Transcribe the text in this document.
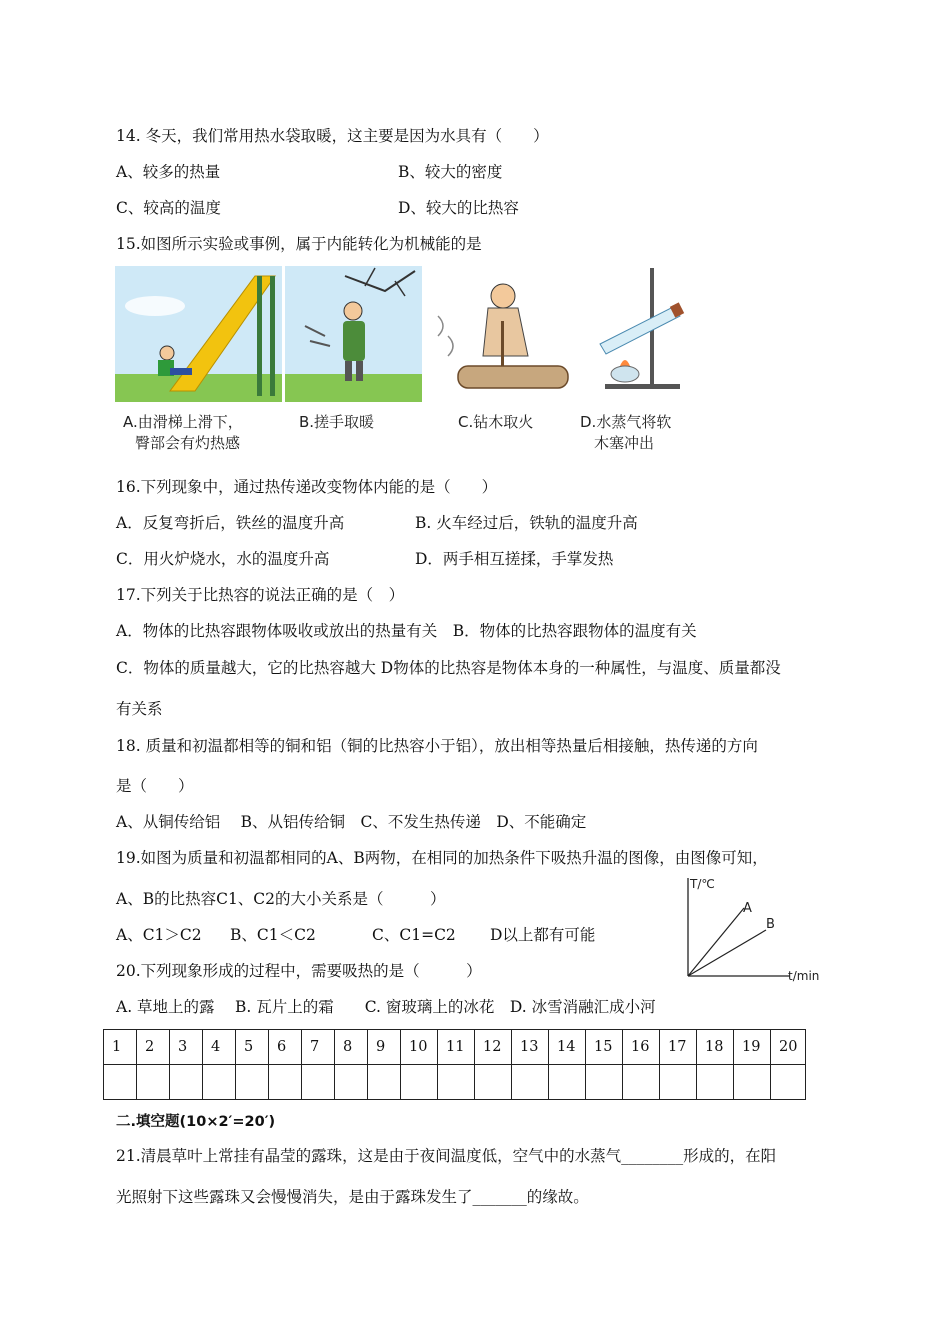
14. 冬天，我们常用热水袋取暖，这主要是因为水具有（　　）
A、较多的热量	B、较大的密度
C、较高的温度	D、较大的比热容
15.如图所示实验或事例，属于内能转化为机械能的是
A.由滑梯上滑下，
臀部会有灼热感
B.搓手取暖	C.钻木取火	D.水蒸气将软
木塞冲出
16.下列现象中，通过热传递改变物体内能的是（　　）
A．反复弯折后，铁丝的温度升高	B. 火车经过后，铁轨的温度升高
C．用火炉烧水，水的温度升高	D．两手相互搓揉，手掌发热
17.下列关于比热容的说法正确的是（　）
A．物体的比热容跟物体吸收或放出的热量有关　B．物体的比热容跟物体的温度有关
C．物体的质量越大，它的比热容越大 D物体的比热容是物体本身的一种属性，与温度、质量都没
有关系
18. 质量和初温都相等的铜和铝（铜的比热容小于铝），放出相等热量后相接触，热传递的方向
是（　　）
A、从铜传给铝　 B、从铝传给铜　C、不发生热传递　D、不能确定
19.如图为质量和初温都相同的A、B两物，在相同的加热条件下吸热升温的图像，由图像可知，
A、B的比热容C1、C2的大小关系是（　　　）
A、C1＞C2 B、C1＜C2	C、C1=C2 D以上都有可能
T/℃
t/min
A
B
20.下列现象形成的过程中，需要吸热的是（　　　）
A. 草地上的露　 B. 瓦片上的霜　　C. 窗玻璃上的冰花　D. 冰雪消融汇成小河
1	2	3	4	5	6	7	8	9	10	11	12	13	14	15	16	17	18	19	20

二.填空题(10×2′=20′)
21.清晨草叶上常挂有晶莹的露珠，这是由于夜间温度低，空气中的水蒸气________形成的，在阳
光照射下这些露珠又会慢慢消失，是由于露珠发生了_______的缘故。
